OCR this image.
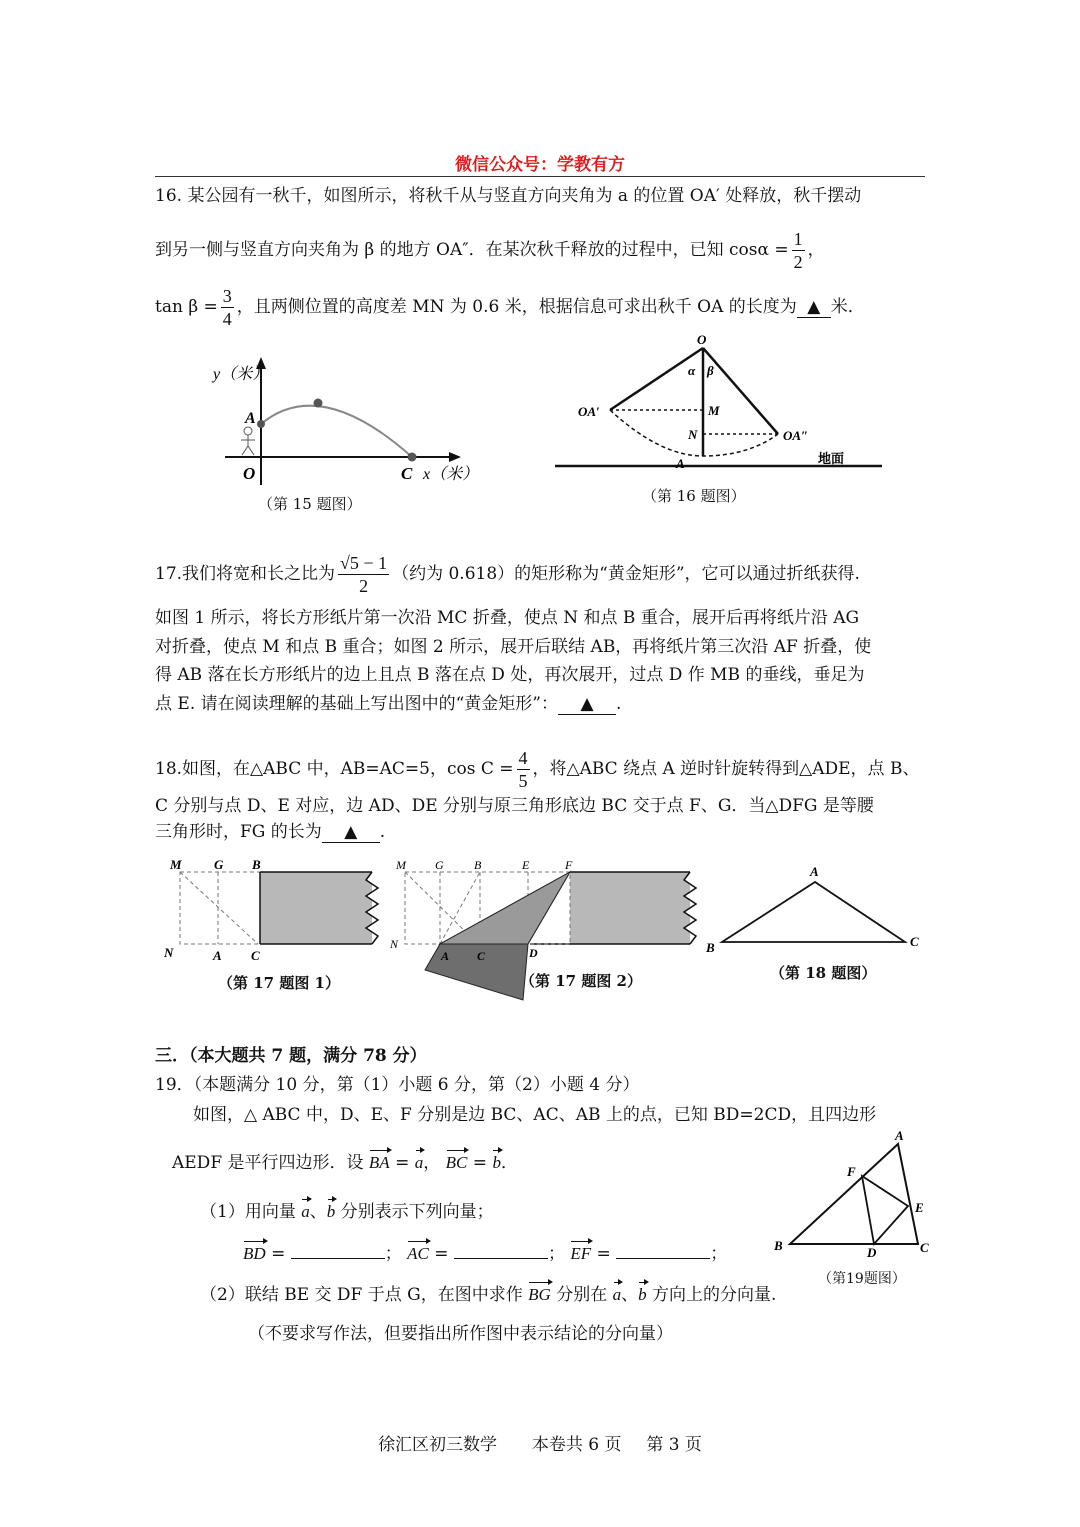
微信公众号：学教有方
16. 某公园有一秋千，如图所示，将秋千从与竖直方向夹角为 a 的位置 OA′ 处释放，秋千摆动
到另一侧与竖直方向夹角为 β 的地方 OA″．在某次秋千释放的过程中，已知 $\cos\alpha = \frac{1}{2}$ ，
$\tan \beta = \frac{3}{4}$ ，且两侧位置的高度差 MN 为 0.6 米，根据信息可求出秋千 OA 的长度为 ▲ 米．
y（米）
A
O	C x（米）
（第 15 题图）
O
α β
OA′	M
N	OA″
A	地面
（第 16 题图）
17.我们将宽和长之比为 $\frac{√5 - 1}{2}$ （约为 0.618）的矩形称为“黄金矩形”，它可以通过折纸获得.
如图 1 所示，将长方形纸片第一次沿 MC 折叠，使点 N 和点 B 重合，展开后再将纸片沿 AG
对折叠，使点 M 和点 B 重合；如图 2 所示，展开后联结 AB，再将纸片第三次沿 AF 折叠，使
得 AB 落在长方形纸片的边上且点 B 落在点 D 处，再次展开，过点 D 作 MB 的垂线，垂足为
点 E. 请在阅读理解的基础上写出图中的“黄金矩形”： ▲ .
18.如图，在△ABC 中，AB=AC=5，$\cos C = \frac{4}{5}$ ，将△ABC 绕点 A 逆时针旋转得到△ADE，点 B、
C 分别与点 D、E 对应，边 AD、DE 分别与原三角形底边 BC 交于点 F、G．当△DFG 是等腰
三角形时，FG 的长为 ▲ .
M G B
N	A C
（第 17 题图 1）
M G	B	E	F
N
A C	D
（第 17 题图 2）
A
B	C
（第 18 题图）
三．（本大题共 7 题，满分 78 分）
19．（本题满分 10 分，第（1）小题 6 分，第（2）小题 4 分）
如图，△ ABC 中，D、E、F 分别是边 BC、AC、AB 上的点，已知 BD=2CD，且四边形
AEDF 是平行四边形．设 BA = a， BC = b．
（1）用向量 a、b 分别表示下列向量；
BD =	； AC =	； EF =	；
（2）联结 BE 交 DF 于点 G，在图中求作 BG 分别在 a、b 方向上的分向量.
（不要求写作法，但要指出所作图中表示结论的分向量）
A
F
E
B	D	C
（第19题图）
徐汇区初三数学 本卷共 6 页 第 3 页
